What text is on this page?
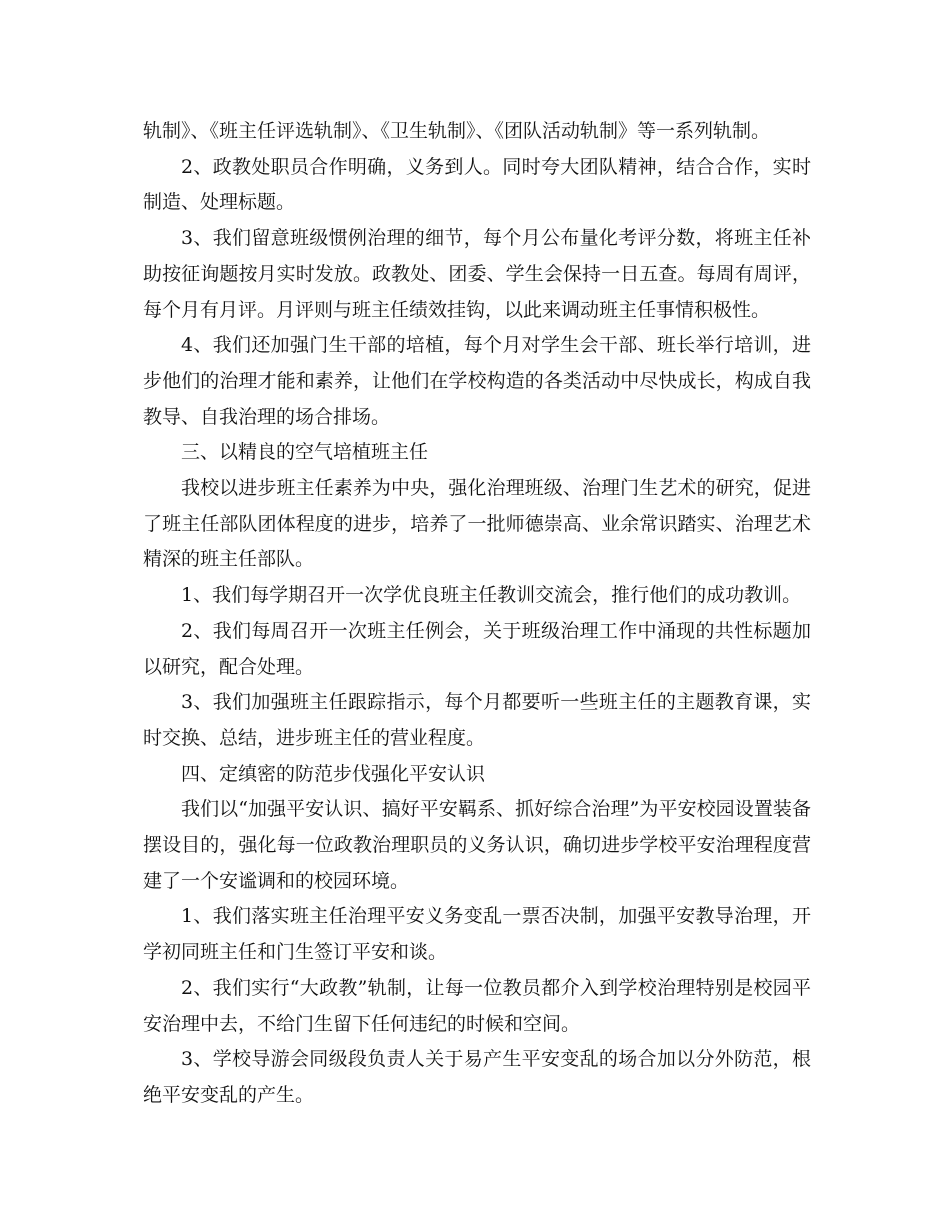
轨制》、《班主任评选轨制》、《卫生轨制》、《团队活动轨制》等一系列轨制。

2、政教处职员合作明确，义务到人。同时夸大团队精神，结合合作，实时制造、处理标题。

3、我们留意班级惯例治理的细节，每个月公布量化考评分数，将班主任补助按征询题按月实时发放。政教处、团委、学生会保持一日五查。每周有周评，每个月有月评。月评则与班主任绩效挂钩，以此来调动班主任事情积极性。

4、我们还加强门生干部的培植，每个月对学生会干部、班长举行培训，进步他们的治理才能和素养，让他们在学校构造的各类活动中尽快成长，构成自我教导、自我治理的场合排场。

三、以精良的空气培植班主任

我校以进步班主任素养为中央，强化治理班级、治理门生艺术的研究，促进了班主任部队团体程度的进步，培养了一批师德崇高、业余常识踏实、治理艺术精深的班主任部队。

1、我们每学期召开一次学优良班主任教训交流会，推行他们的成功教训。

2、我们每周召开一次班主任例会，关于班级治理工作中涌现的共性标题加以研究，配合处理。

3、我们加强班主任跟踪指示，每个月都要听一些班主任的主题教育课，实时交换、总结，进步班主任的营业程度。

四、定缜密的防范步伐强化平安认识

我们以“加强平安认识、搞好平安羁系、抓好综合治理”为平安校园设置装备摆设目的，强化每一位政教治理职员的义务认识，确切进步学校平安治理程度营建了一个安谧调和的校园环境。

1、我们落实班主任治理平安义务变乱一票否决制，加强平安教导治理，开学初同班主任和门生签订平安和谈。

2、我们实行“大政教”轨制，让每一位教员都介入到学校治理特别是校园平安治理中去，不给门生留下任何违纪的时候和空间。

3、学校导游会同级段负责人关于易产生平安变乱的场合加以分外防范，根绝平安变乱的产生。
